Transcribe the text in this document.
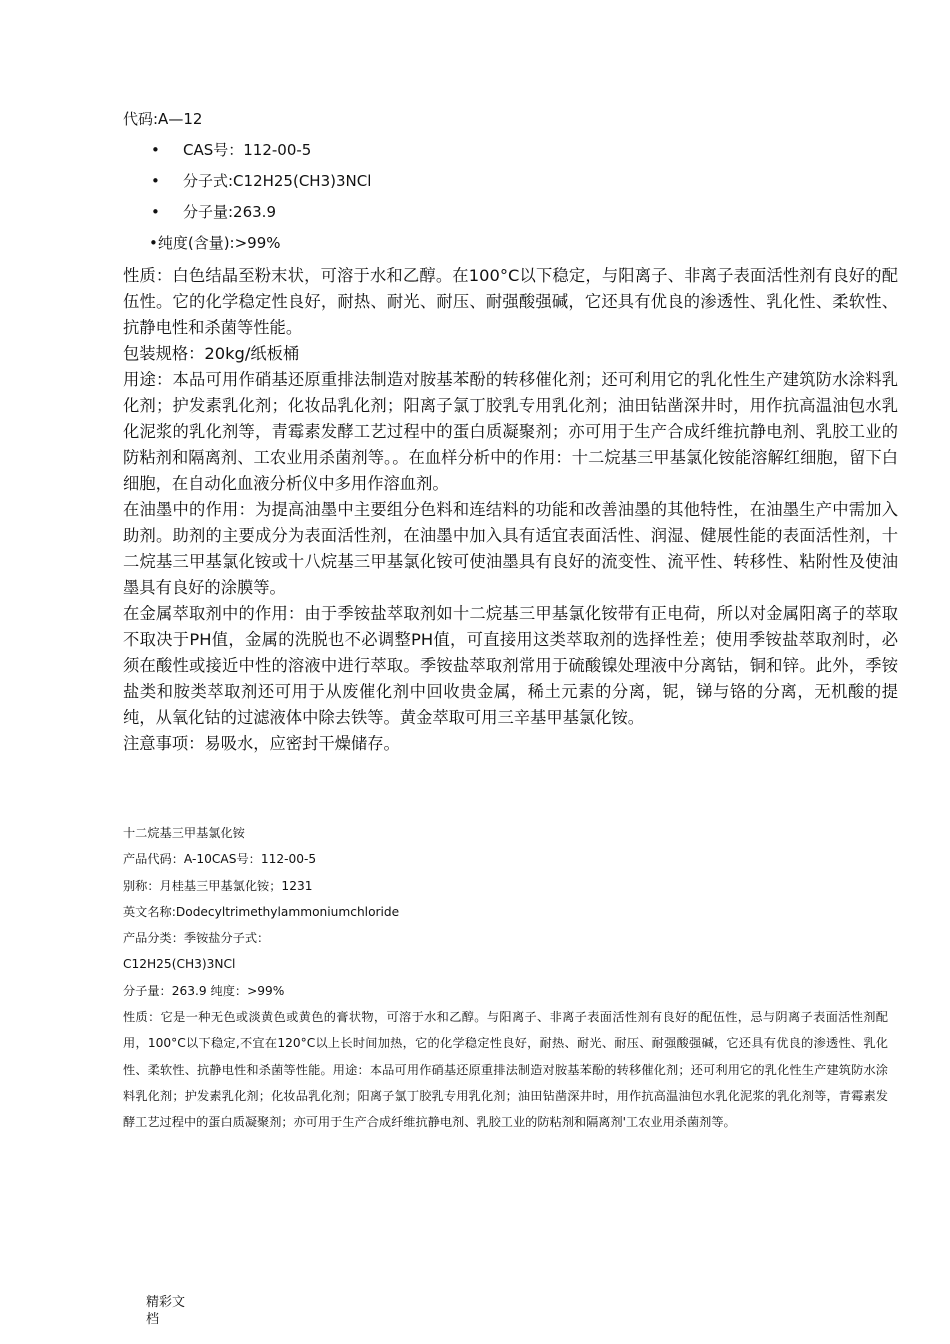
代码:A—12
• CAS号：112-00-5
• 分子式:C12H25(CH3)3NCl
• 分子量:263.9
•纯度(含量):>99%

性质：白色结晶至粉末状，可溶于水和乙醇。在100°C以下稳定，与阳离子、非离子表面活性剂有良好的配伍性。它的化学稳定性良好，耐热、耐光、耐压、耐强酸强碱，它还具有优良的渗透性、乳化性、柔软性、抗静电性和杀菌等性能。

包装规格：20kg/纸板桶

用途：本品可用作硝基还原重排法制造对胺基苯酚的转移催化剂；还可利用它的乳化性生产建筑防水涂料乳化剂；护发素乳化剂；化妆品乳化剂；阳离子氯丁胶乳专用乳化剂；油田钻凿深井时，用作抗高温油包水乳化泥浆的乳化剂等，青霉素发酵工艺过程中的蛋白质凝聚剂；亦可用于生产合成纤维抗静电剂、乳胶工业的防粘剂和隔离剂、工农业用杀菌剂等。。在血样分析中的作用：十二烷基三甲基氯化铵能溶解红细胞，留下白细胞，在自动化血液分析仪中多用作溶血剂。

在油墨中的作用：为提高油墨中主要组分色料和连结料的功能和改善油墨的其他特性，在油墨生产中需加入助剂。助剂的主要成分为表面活性剂，在油墨中加入具有适宜表面活性、润湿、健展性能的表面活性剂，十二烷基三甲基氯化铵或十八烷基三甲基氯化铵可使油墨具有良好的流变性、流平性、转移性、粘附性及使油墨具有良好的涂膜等。

在金属萃取剂中的作用：由于季铵盐萃取剂如十二烷基三甲基氯化铵带有正电荷，所以对金属阳离子的萃取不取决于PH值，金属的洗脱也不必调整PH值，可直接用这类萃取剂的选择性差；使用季铵盐萃取剂时，必须在酸性或接近中性的溶液中进行萃取。季铵盐萃取剂常用于硫酸镍处理液中分离钴，铜和锌。此外，季铵盐类和胺类萃取剂还可用于从废催化剂中回收贵金属，稀土元素的分离，铌，锑与铬的分离，无机酸的提纯，从氧化钴的过滤液体中除去铁等。黄金萃取可用三辛基甲基氯化铵。

注意事项：易吸水，应密封干燥储存。

十二烷基三甲基氯化铵
产品代码：A-10CAS号：112-00-5
别称：月桂基三甲基氯化铵；1231
英文名称:Dodecyltrimethylammoniumchloride
产品分类：季铵盐分子式：
C12H25(CH3)3NCl
分子量：263.9 纯度：>99%

性质：它是一种无色或淡黄色或黄色的膏状物，可溶于水和乙醇。与阳离子、非离子表面活性剂有良好的配伍性，忌与阴离子表面活性剂配用，100°C以下稳定,不宜在120°C以上长时间加热，它的化学稳定性良好，耐热、耐光、耐压、耐强酸强碱，它还具有优良的渗透性、乳化性、柔软性、抗静电性和杀菌等性能。用途：本品可用作硝基还原重排法制造对胺基苯酚的转移催化剂；还可利用它的乳化性生产建筑防水涂料乳化剂；护发素乳化剂；化妆品乳化剂；阳离子氯丁胶乳专用乳化剂；油田钻凿深井时，用作抗高温油包水乳化泥浆的乳化剂等，青霉素发酵工艺过程中的蛋白质凝聚剂；亦可用于生产合成纤维抗静电剂、乳胶工业的防粘剂和隔离剂'工农业用杀菌剂等。

精彩文
档
